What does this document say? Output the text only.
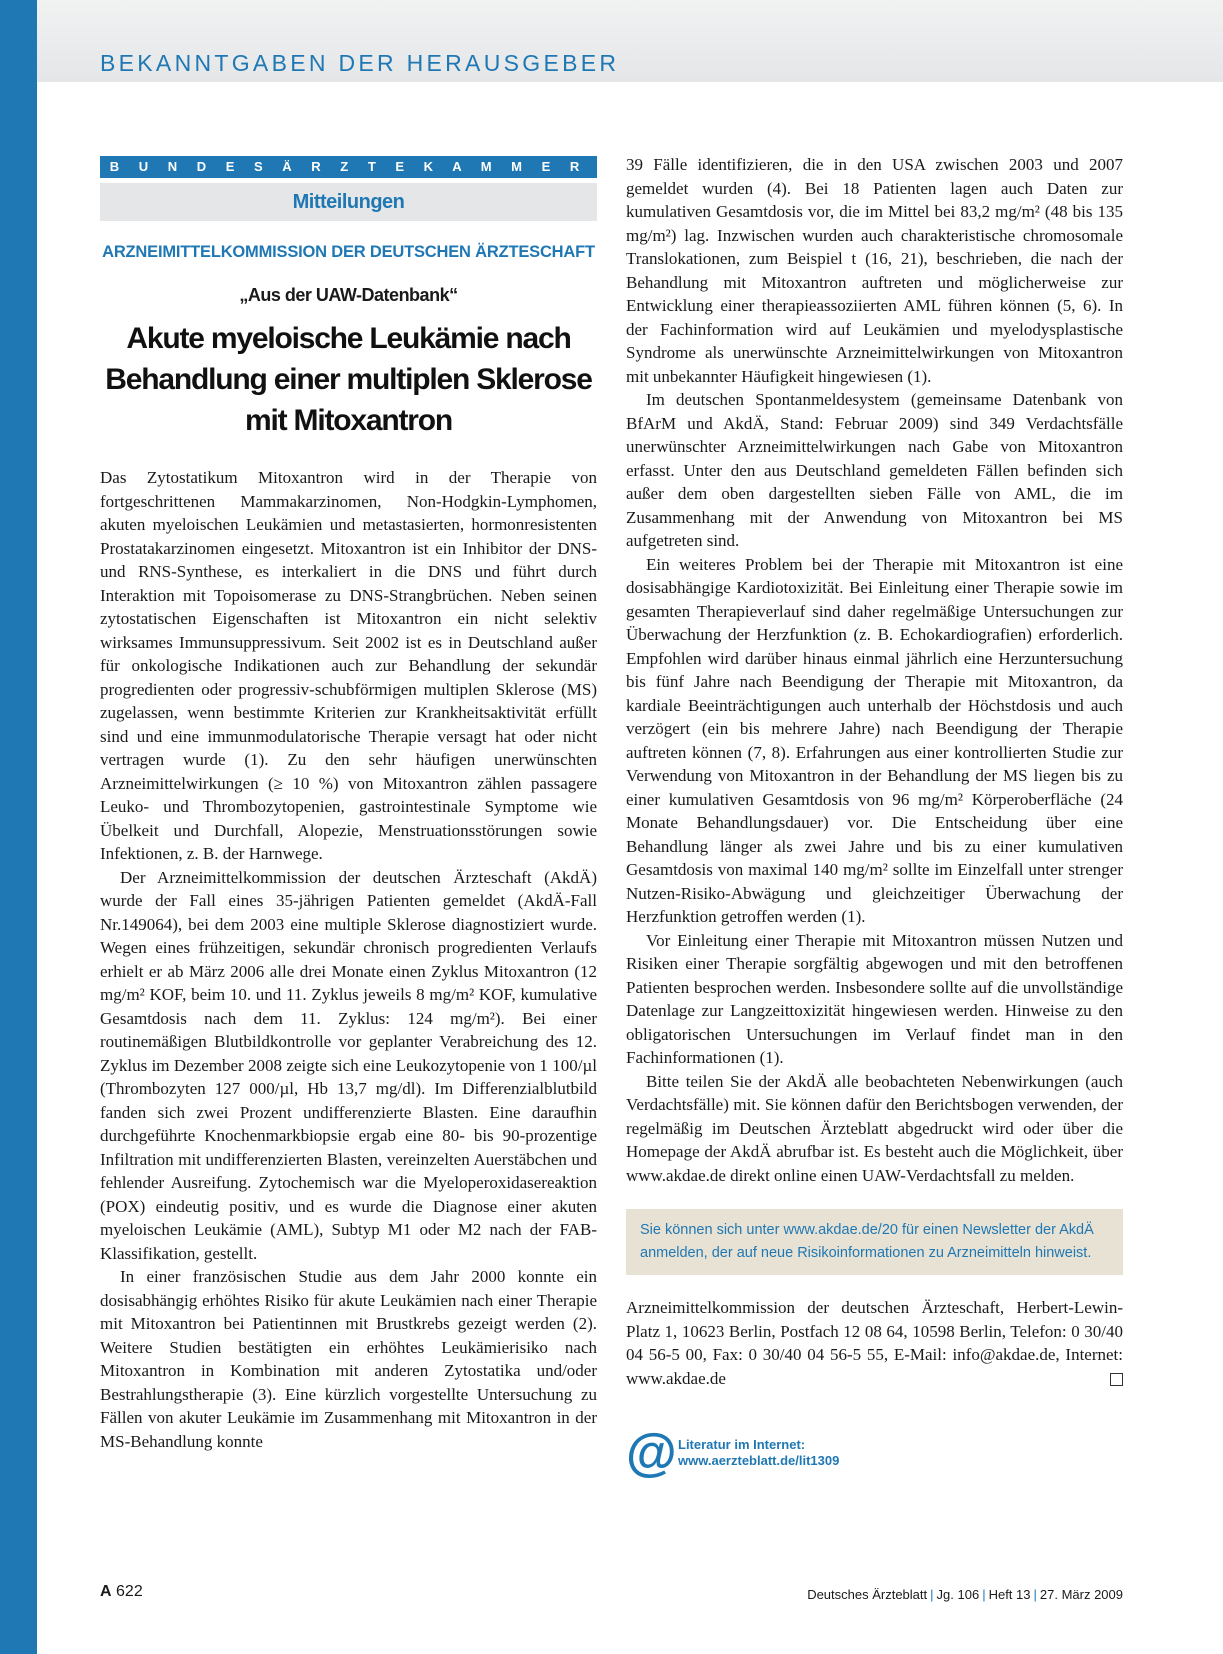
BEKANNTGABEN DER HERAUSGEBER
B U N D E S Ä R Z T E K A M M E R
Mitteilungen
ARZNEIMITTELKOMMISSION DER DEUTSCHEN ÄRZTESCHAFT
„Aus der UAW-Datenbank“
Akute myeloische Leukämie nach
Behandlung einer multiplen Sklerose
mit Mitoxantron

Das Zytostatikum Mitoxantron wird in der Therapie von fortgeschrittenen Mammakarzinomen, Non-Hodgkin-Lymphomen, akuten myeloischen Leukämien und metastasierten, hormonresistenten Prostatakarzinomen eingesetzt. Mitoxantron ist ein Inhibitor der DNS- und RNS-Synthese, es interkaliert in die DNS und führt durch Interaktion mit Topoisomerase zu DNS-Strangbrüchen. Neben seinen zytostatischen Eigenschaften ist Mitoxantron ein nicht selektiv wirksames Immunsuppressivum. Seit 2002 ist es in Deutschland außer für onkologische Indikationen auch zur Behandlung der sekundär progredienten oder progressiv-schubförmigen multiplen Sklerose (MS) zugelassen, wenn bestimmte Kriterien zur Krankheitsaktivität erfüllt sind und eine immunmodulatorische Therapie versagt hat oder nicht vertragen wurde (1). Zu den sehr häufigen unerwünschten Arzneimittelwirkungen (≥ 10 %) von Mitoxantron zählen passagere Leuko- und Thrombozytopenien, gastrointestinale Symptome wie Übelkeit und Durchfall, Alopezie, Menstruationsstörungen sowie Infektionen, z. B. der Harnwege.

Der Arzneimittelkommission der deutschen Ärzteschaft (AkdÄ) wurde der Fall eines 35-jährigen Patienten gemeldet (AkdÄ-Fall Nr.149064), bei dem 2003 eine multiple Sklerose diagnostiziert wurde. Wegen eines frühzeitigen, sekundär chronisch progredienten Verlaufs erhielt er ab März 2006 alle drei Monate einen Zyklus Mitoxantron (12 mg/m² KOF, beim 10. und 11. Zyklus jeweils 8 mg/m² KOF, kumulative Gesamtdosis nach dem 11. Zyklus: 124 mg/m²). Bei einer routinemäßigen Blutbildkontrolle vor geplanter Verabreichung des 12. Zyklus im Dezember 2008 zeigte sich eine Leukozytopenie von 1 100/µl (Thrombozyten 127 000/µl, Hb 13,7 mg/dl). Im Differenzialblutbild fanden sich zwei Prozent undifferenzierte Blasten. Eine daraufhin durchgeführte Knochenmarkbiopsie ergab eine 80- bis 90-prozentige Infiltration mit undifferenzierten Blasten, vereinzelten Auerstäbchen und fehlender Ausreifung. Zytochemisch war die Myeloperoxidasereaktion (POX) eindeutig positiv, und es wurde die Diagnose einer akuten myeloischen Leukämie (AML), Subtyp M1 oder M2 nach der FAB-Klassifikation, gestellt.

In einer französischen Studie aus dem Jahr 2000 konnte ein dosisabhängig erhöhtes Risiko für akute Leukämien nach einer Therapie mit Mitoxantron bei Patientinnen mit Brustkrebs gezeigt werden (2). Weitere Studien bestätigten ein erhöhtes Leukämierisiko nach Mitoxantron in Kombination mit anderen Zytostatika und/oder Bestrahlungstherapie (3). Eine kürzlich vorgestellte Untersuchung zu Fällen von akuter Leukämie im Zusammenhang mit Mitoxantron in der MS-Behandlung konnte

39 Fälle identifizieren, die in den USA zwischen 2003 und 2007 gemeldet wurden (4). Bei 18 Patienten lagen auch Daten zur kumulativen Gesamtdosis vor, die im Mittel bei 83,2 mg/m² (48 bis 135 mg/m²) lag. Inzwischen wurden auch charakteristische chromosomale Translokationen, zum Beispiel t (16, 21), beschrieben, die nach der Behandlung mit Mitoxantron auftreten und möglicherweise zur Entwicklung einer therapieassoziierten AML führen können (5, 6). In der Fachinformation wird auf Leukämien und myelodysplastische Syndrome als unerwünschte Arzneimittelwirkungen von Mitoxantron mit unbekannter Häufigkeit hingewiesen (1).

Im deutschen Spontanmeldesystem (gemeinsame Datenbank von BfArM und AkdÄ, Stand: Februar 2009) sind 349 Verdachtsfälle unerwünschter Arzneimittelwirkungen nach Gabe von Mitoxantron erfasst. Unter den aus Deutschland gemeldeten Fällen befinden sich außer dem oben dargestellten sieben Fälle von AML, die im Zusammenhang mit der Anwendung von Mitoxantron bei MS aufgetreten sind.

Ein weiteres Problem bei der Therapie mit Mitoxantron ist eine dosisabhängige Kardiotoxizität. Bei Einleitung einer Therapie sowie im gesamten Therapieverlauf sind daher regelmäßige Untersuchungen zur Überwachung der Herzfunktion (z. B. Echokardiografien) erforderlich. Empfohlen wird darüber hinaus einmal jährlich eine Herzuntersuchung bis fünf Jahre nach Beendigung der Therapie mit Mitoxantron, da kardiale Beeinträchtigungen auch unterhalb der Höchstdosis und auch verzögert (ein bis mehrere Jahre) nach Beendigung der Therapie auftreten können (7, 8). Erfahrungen aus einer kontrollierten Studie zur Verwendung von Mitoxantron in der Behandlung der MS liegen bis zu einer kumulativen Gesamtdosis von 96 mg/m² Körperoberfläche (24 Monate Behandlungsdauer) vor. Die Entscheidung über eine Behandlung länger als zwei Jahre und bis zu einer kumulativen Gesamtdosis von maximal 140 mg/m² sollte im Einzelfall unter strenger Nutzen-Risiko-Abwägung und gleichzeitiger Überwachung der Herzfunktion getroffen werden (1).

Vor Einleitung einer Therapie mit Mitoxantron müssen Nutzen und Risiken einer Therapie sorgfältig abgewogen und mit den betroffenen Patienten besprochen werden. Insbesondere sollte auf die unvollständige Datenlage zur Langzeittoxizität hingewiesen werden. Hinweise zu den obligatorischen Untersuchungen im Verlauf findet man in den Fachinformationen (1).

Bitte teilen Sie der AkdÄ alle beobachteten Nebenwirkungen (auch Verdachtsfälle) mit. Sie können dafür den Berichtsbogen verwenden, der regelmäßig im Deutschen Ärzteblatt abgedruckt wird oder über die Homepage der AkdÄ abrufbar ist. Es besteht auch die Möglichkeit, über www.akdae.de direkt online einen UAW-Verdachtsfall zu melden.

Sie können sich unter www.akdae.de/20 für einen Newsletter der AkdÄ anmelden, der auf neue Risikoinformationen zu Arzneimitteln hinweist.
Arzneimittelkommission der deutschen Ärzteschaft, Herbert-Lewin-Platz 1, 10623 Berlin, Postfach 12 08 64, 10598 Berlin, Telefon: 0 30/40 04 56-5 00, Fax: 0 30/40 04 56-5 55, E-Mail: info@akdae.de, Internet: www.akdae.de
@ Literatur im Internet:
www.aerzteblatt.de/lit1309
A 622	Deutsches Ärzteblatt | Jg. 106 | Heft 13 | 27. März 2009
